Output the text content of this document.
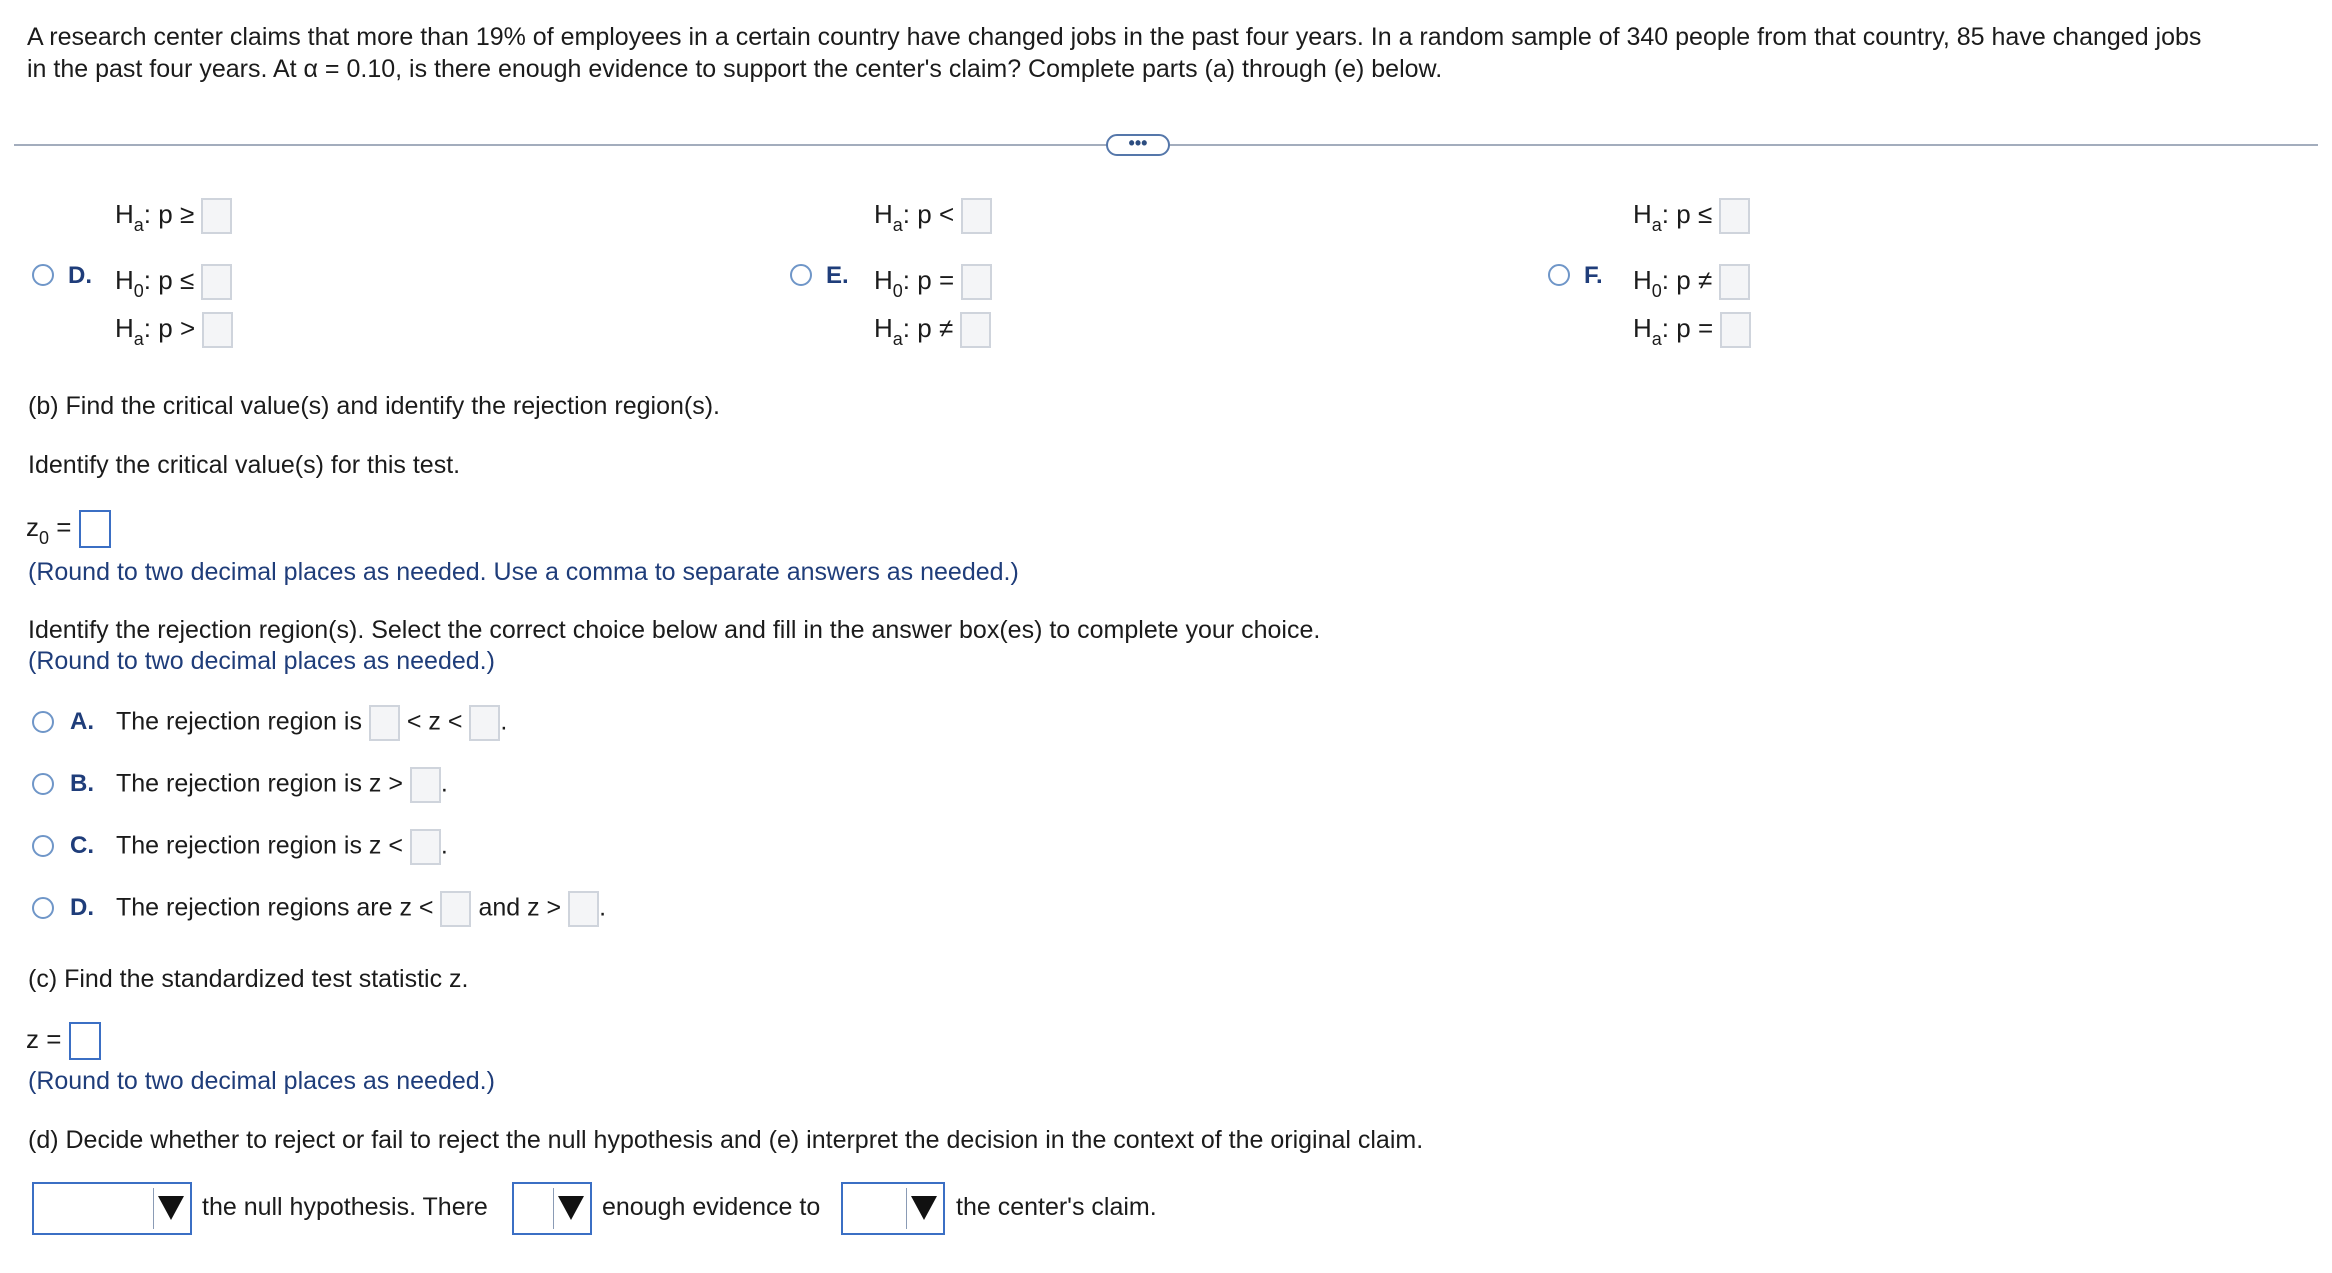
A research center claims that more than 19% of employees in a certain country have changed jobs in the past four years. In a random sample of 340 people from that country, 85 have changed jobs
in the past four years. At α = 0.10, is there enough evidence to support the center's claim? Complete parts (a) through (e) below.
•••
$H_a$: p ≥	$H_a$: p <	$H_a$: p ≤
D. $H_0$: p ≤
$H_a$: p >
E. $H_0$: p =
$H_a$: p ≠
F. $H_0$: p ≠
$H_a$: p =
(b) Find the critical value(s) and identify the rejection region(s).
Identify the critical value(s) for this test.
$z_0$ =
(Round to two decimal places as needed. Use a comma to separate answers as needed.)
Identify the rejection region(s). Select the correct choice below and fill in the answer box(es) to complete your choice.
(Round to two decimal places as needed.)
A. The rejection region is < z < .
B. The rejection region is z > .
C. The rejection region is z < .
D. The rejection regions are z < and z > .
(c) Find the standardized test statistic z.
z =
(Round to two decimal places as needed.)
(d) Decide whether to reject or fail to reject the null hypothesis and (e) interpret the decision in the context of the original claim.
the null hypothesis. There	enough evidence to	the center's claim.
